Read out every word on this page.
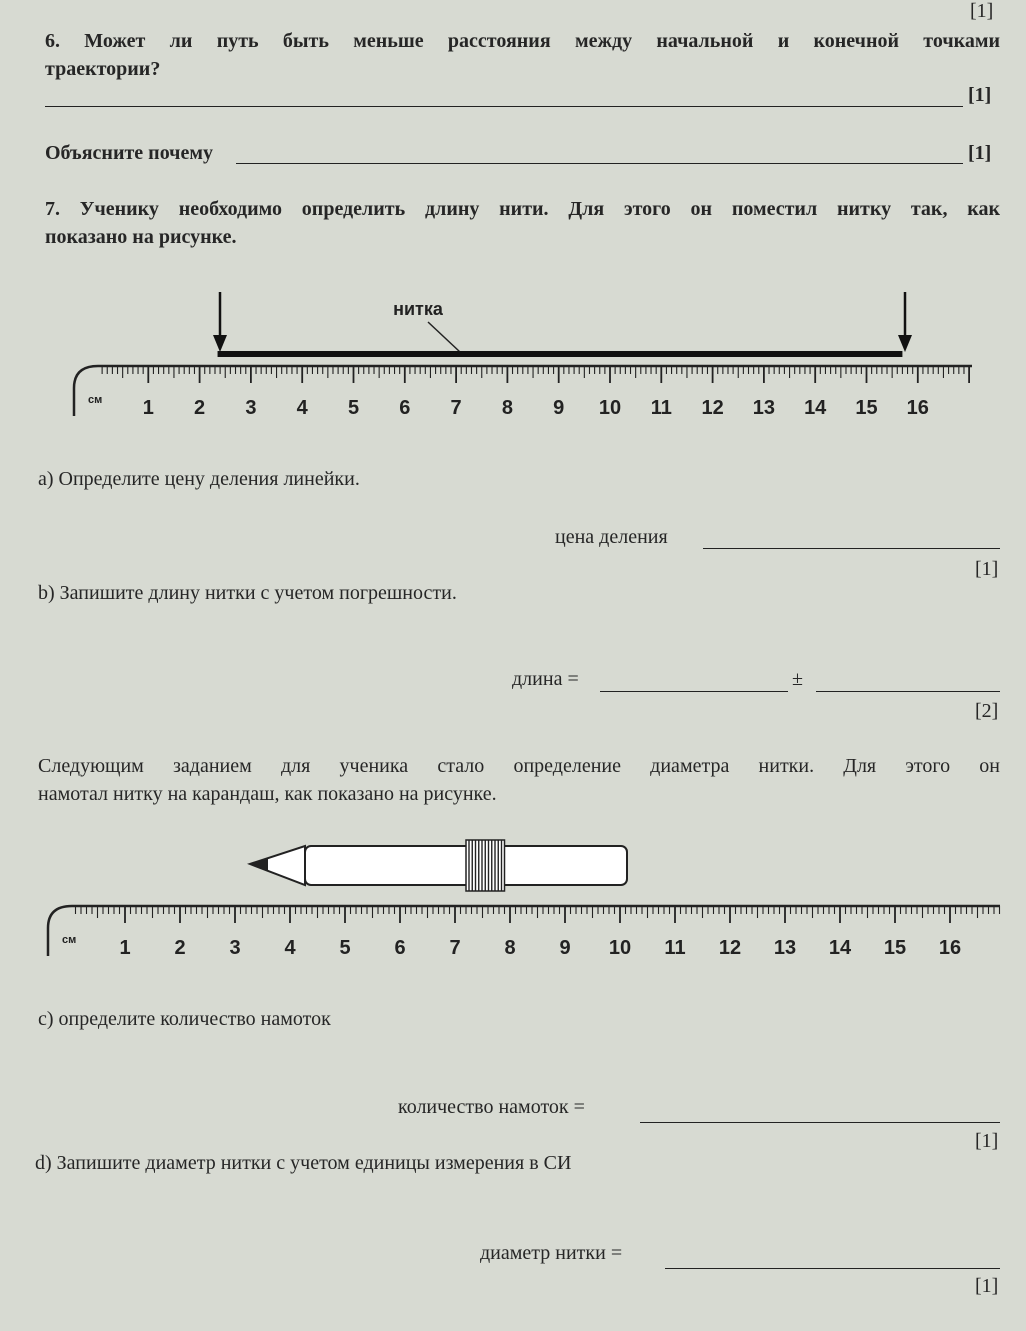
[1]
6. Может ли путь быть меньше расстояния между начальной и конечной точками
траектории?
[1]
Объясните почему	[1]
7. Ученику необходимо определить длину нити. Для этого он поместил нитку так, как
показано на рисунке.
см 1 2 3 4 5 6 7 8 9 10 11 12 13 14 15 16
нитка
a) Определите цену деления линейки.
цена деления
[1]
b) Запишите длину нитки с учетом погрешности.
длина =	±
[2]
Следующим заданием для ученика стало определение диаметра нитки. Для этого он
намотал нитку на карандаш, как показано на рисунке.
см 1 2 3 4 5 6 7 8 9 10 11 12 13 14 15 16
c) определите количество намоток
количество намоток =
[1]
d) Запишите диаметр нитки с учетом единицы измерения в СИ
диаметр нитки =
[1]
